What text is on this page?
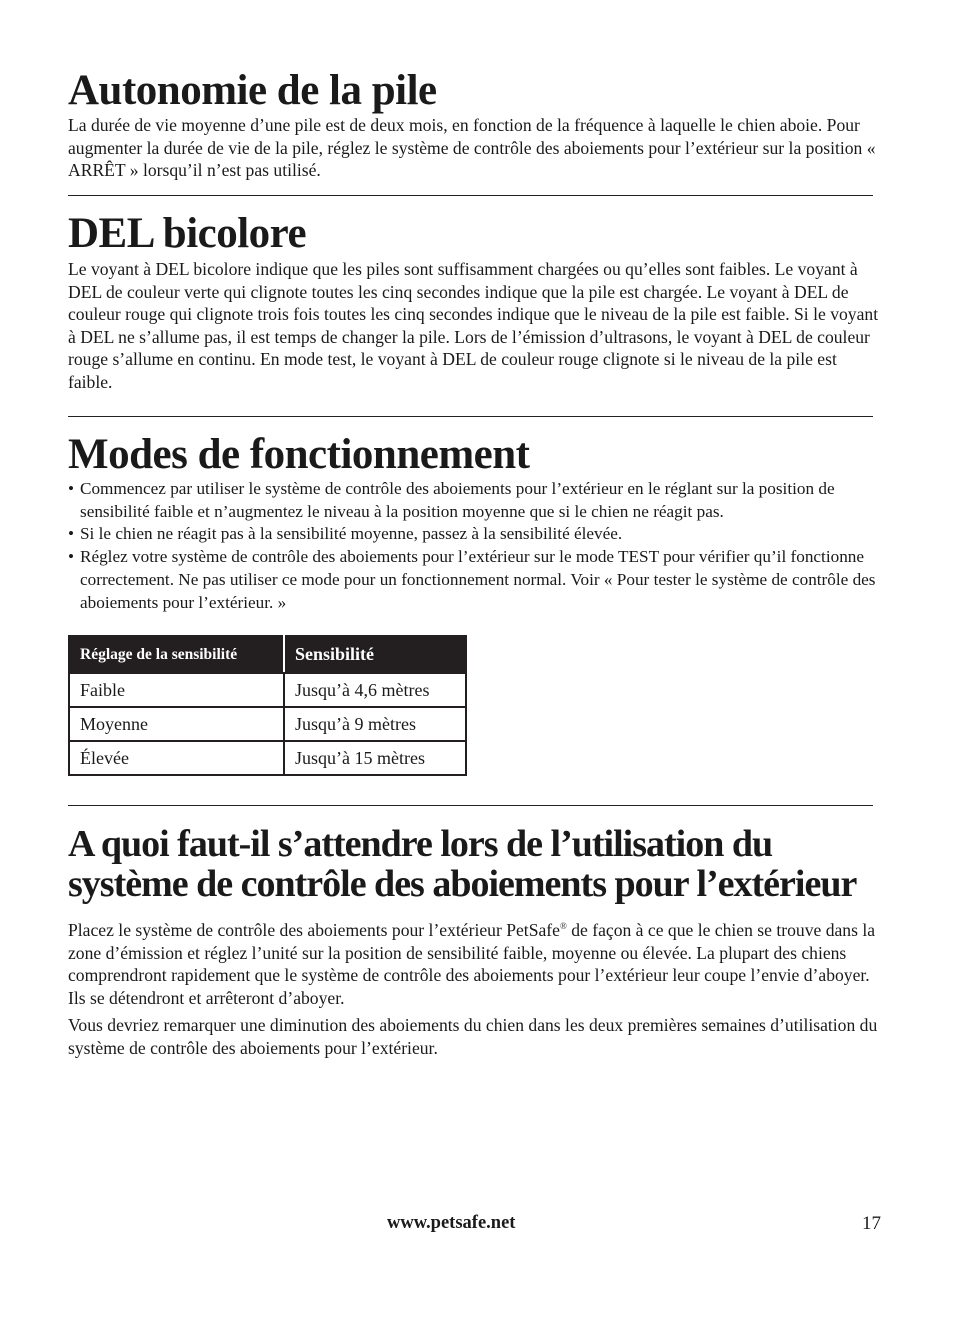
Autonomie de la pile

La durée de vie moyenne d’une pile est de deux mois, en fonction de la fréquence à laquelle le chien aboie. Pour augmenter la durée de vie de la pile, réglez le système de contrôle des aboiements pour l’extérieur sur la position « ARRÊT » lorsqu’il n’est pas utilisé.

DEL bicolore

Le voyant à DEL bicolore indique que les piles sont suffisamment chargées ou qu’elles sont faibles. Le voyant à DEL de couleur verte qui clignote toutes les cinq secondes indique que la pile est chargée. Le voyant à DEL de couleur rouge qui clignote trois fois toutes les cinq secondes indique que le niveau de la pile est faible. Si le voyant à DEL ne s’allume pas, il est temps de changer la pile. Lors de l’émission d’ultrasons, le voyant à DEL de couleur rouge s’allume en continu. En mode test, le voyant à DEL de couleur rouge clignote si le niveau de la pile est faible.

Modes de fonctionnement
• Commencez par utiliser le système de contrôle des aboiements pour l’extérieur en le réglant sur la position de sensibilité faible et n’augmentez le niveau à la position moyenne que si le chien ne réagit pas.
• Si le chien ne réagit pas à la sensibilité moyenne, passez à la sensibilité élevée.
• Réglez votre système de contrôle des aboiements pour l’extérieur sur le mode TEST pour vérifier qu’il fonctionne correctement. Ne pas utiliser ce mode pour un fonctionnement normal. Voir « Pour tester le système de contrôle des aboiements pour l’extérieur. »
Réglage de la sensibilité	Sensibilité
Faible	Jusqu’à 4,6 mètres
Moyenne	Jusqu’à 9 mètres
Élevée	Jusqu’à 15 mètres
A quoi faut-il s’attendre lors de l’utilisation du
système de contrôle des aboiements pour l’extérieur

Placez le système de contrôle des aboiements pour l’extérieur PetSafe® de façon à ce que le chien se trouve dans la zone d’émission et réglez l’unité sur la position de sensibilité faible, moyenne ou élevée. La plupart des chiens comprendront rapidement que le système de contrôle des aboiements pour l’extérieur leur coupe l’envie d’aboyer. Ils se détendront et arrêteront d’aboyer.

Vous devriez remarquer une diminution des aboiements du chien dans les deux premières semaines d’utilisation du système de contrôle des aboiements pour l’extérieur.

www.petsafe.net	17
